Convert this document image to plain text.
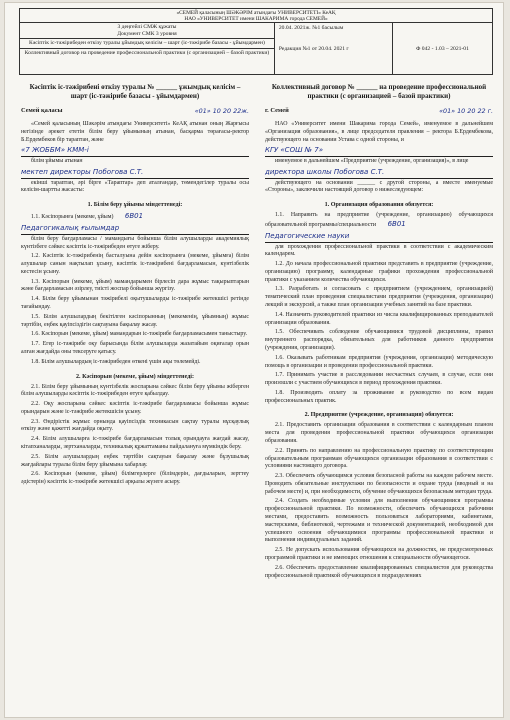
«СЕМЕЙ қаласының ШӘКӘРІМ атындағы УНИВЕРСИТЕТІ» КеАҚ
НАО «УНИВЕРСИТЕТ имени ШАКАРИМА города СЕМЕЙ»
3 деңгейлі СМЖ құжаты
Документ СМК 3 уровня
Кәсіптік іс-тәжірибеден өткізу туралы ұйымдық келісім – шарт (іс-тәжірибе базасы - ұйымдармен)
Коллективный договор на проведение профессиональной практики (с организацией – базой практики)
20.04. 2021ж. №1 басылым
Редакция №1 от 20.04. 2021 г	Ф 042 - 1.03 – 2021-01
Кәсіптік іс-тәжірибені өткізу туралы № ______ ұжымдық келісім – шарт (іс-тәжірибе базасы - ұйымдармен)
Семей қаласы	«01» 10 20 22ж.

«Семей қаласының Шәкәрім атындағы Университеті» КеАҚ атынан оның Жарғысы негізінде әрекет ететін білім беру ұйымының атынан, басқарма төрағасы-ректор Б.Ердембеков бір тараптан, және

«7 ЖОББМ» КММ-і

білім ұйымы атынан

мектеп директоры Побогова С.Т.

екінші тараптан, әрі бірге «Тараптар» деп аталғандар, төмендегілер туралы осы келісім-шартты жасасты:

1. Білім беру ұйымы міндеттенеді:

1.1. Кәсіпорынға (мекеме, ұйым) 6В01

Педагогикалық ғылымдар

білім беру бағдарламасы / мамандығы бойынша білім алушыларды академиялық күнтізбеге сәйкес кәсіптік іс-тәжірибеден өтуге жіберу.

1.2. Кәсіптік іс-тәжірибенің басталуына дейін кәсіпорынға (мекеме, ұйымға) білім алушылар санын нақтылап ұсыну, кәсіптік іс-тәжірибені бағдарламасын, күнтізбелік кестесін ұсыну.

1.3. Кәсіпорын (мекеме, ұйым) мамандарымен бірлесіп дара жұмыс тақырыптарын және бағдарламасын әзірлеу, тиісті жоспар бойынша жүргізу.

1.4. Білім беру ұйымынан тәжірибелі оқытушыларды іс-тәжірибе жетекшісі ретінде тағайындау.

1.5. Білім алушылардың бекітілген кәсіпорынның (мекеменің, ұйымның) жұмыс тәртібін, еңбек қауіпсіздігін сақтауына бақылау жасау.

1.6. Кәсіпорын (мекеме, ұйым) мамандарын іс-тәжірибе бағдарламасымен таныстыру.

1.7. Егер іс-тәжірибе оқу барысында білім алушыларда жазатайым оқиғалар орын алған жағдайда оны тексеруге қатысу.

1.8. Білім алушылардың іс-тәжірибеден өткені үшін ақы төлемейді.

2. Кәсіпорын (мекеме, ұйым) міндеттенеді:

2.1. Білім беру ұйымының күнтізбелік жоспарына сәйкес білім беру ұйымы жіберген білім алушыларды кәсіптік іс-тәжірибеден өтуге қабылдау.

2.2. Оқу жоспарына сәйкес кәсіптік іс-тәжірибе бағдарламасы бойынша жұмыс орындарын және іс-тәжірибе жетекшісін ұсыну.

2.3. Өндірістік жұмыс орнында қауіпсіздік техникасын сақтау туралы нұсқаулық өткізу және қажетті жағдайда оқыту.

2.4. Білім алушыларға іс-тәжірибе бағдарламасын толық орындауға жағдай жасау, кітапханаларды, зертханаларды, техникалық құжаттаманы пайдалануға мүмкіндік беру.

2.5. Білім алушылардың еңбек тәртібін сақтауын бақылау және бұзушылық жағдайлары туралы білім беру ұйымына хабарлау.

2.6. Кәсіпорын (мекеме, ұйым) білімгерлерге (білімдерін, дағдыларын, зерттеу әдістерін) кәсіптік іс-тәжірибе жетекшісі арқылы жүзеге асыру.

Коллективный договор № ______ на проведение профессиональной практики (с организацией – базой практики)
г. Семей	«01» 10 20 22 г.

НАО «Университет имени Шакарима города Семей», именуемое в дальнейшем «Организация образования», в лице председателя правления – ректора Б.Ердембекова, действующего на основании Устава с одной стороны, и

КГУ «СОШ № 7»

именуемое в дальнейшем «Предприятие (учреждение, организация)», в лице

директора школы Побогова С.Т.

действующего на основании ______ с другой стороны, а вместе именуемые «Стороны», заключили настоящий договор о нижеследующем:

1. Организация образования обязуется:

1.1. Направить на предприятие (учреждение, организацию) обучающихся образовательной программы/специальности 6В01

Педагогические науки

для прохождения профессиональной практики в соответствии с академическим календарем.

1.2. До начала профессиональной практики представить в предприятие (учреждение, организацию) программу, календарные графики прохождения профессиональной практики с указанием количества обучающихся.

1.3. Разработать и согласовать с предприятием (учреждением, организацией) тематический план проведения специалистами предприятия (учреждения, организации) лекций и экскурсий, а также план организации учебных занятий на базе практики.

1.4. Назначить руководителей практики из числа квалифицированных преподавателей организации образования.

1.5. Обеспечивать соблюдение обучающимися трудовой дисциплины, правил внутреннего распорядка, обязательных для работников данного предприятия (учреждения, организации).

1.6. Оказывать работникам предприятия (учреждения, организации) методическую помощь в организации и проведении профессиональной практики.

1.7. Принимать участие в расследовании несчастных случаев, в случае, если они произошли с участием обучающихся в период прохождения практики.

1.8. Производить оплату за проживание и руководство по всем видам профессиональных практик.

2. Предприятие (учреждение, организация) обязуется:

2.1. Предоставить организации образования в соответствии с календарным планом места для проведения профессиональной практики обучающихся организации образования.

2.2. Принять по направлению на профессиональную практику по соответствующим образовательным программам обучающихся организации образования в соответствии с условиями настоящего договора.

2.3. Обеспечить обучающимся условия безопасной работы на каждом рабочем месте. Проводить обязательные инструктажи по безопасности и охране труда (вводный и на рабочем месте) и, при необходимости, обучение обучающихся безопасным методам труда.

2.4. Создать необходимые условия для выполнения обучающимися программы профессиональной практики. По возможности, обеспечить обучающихся рабочими местами, предоставить возможность пользоваться лабораториями, кабинетами, мастерскими, библиотекой, чертежами и технической документацией, необходимой для успешного освоения обучающимися программы профессиональной практики и выполнения индивидуальных заданий.

2.5. Не допускать использования обучающихся на должностях, не предусмотренных программой практики и не имеющих отношения к специальности обучающегося.

2.6. Обеспечить предоставление квалифицированных специалистов для руководства профессиональной практикой обучающихся в подразделениях
